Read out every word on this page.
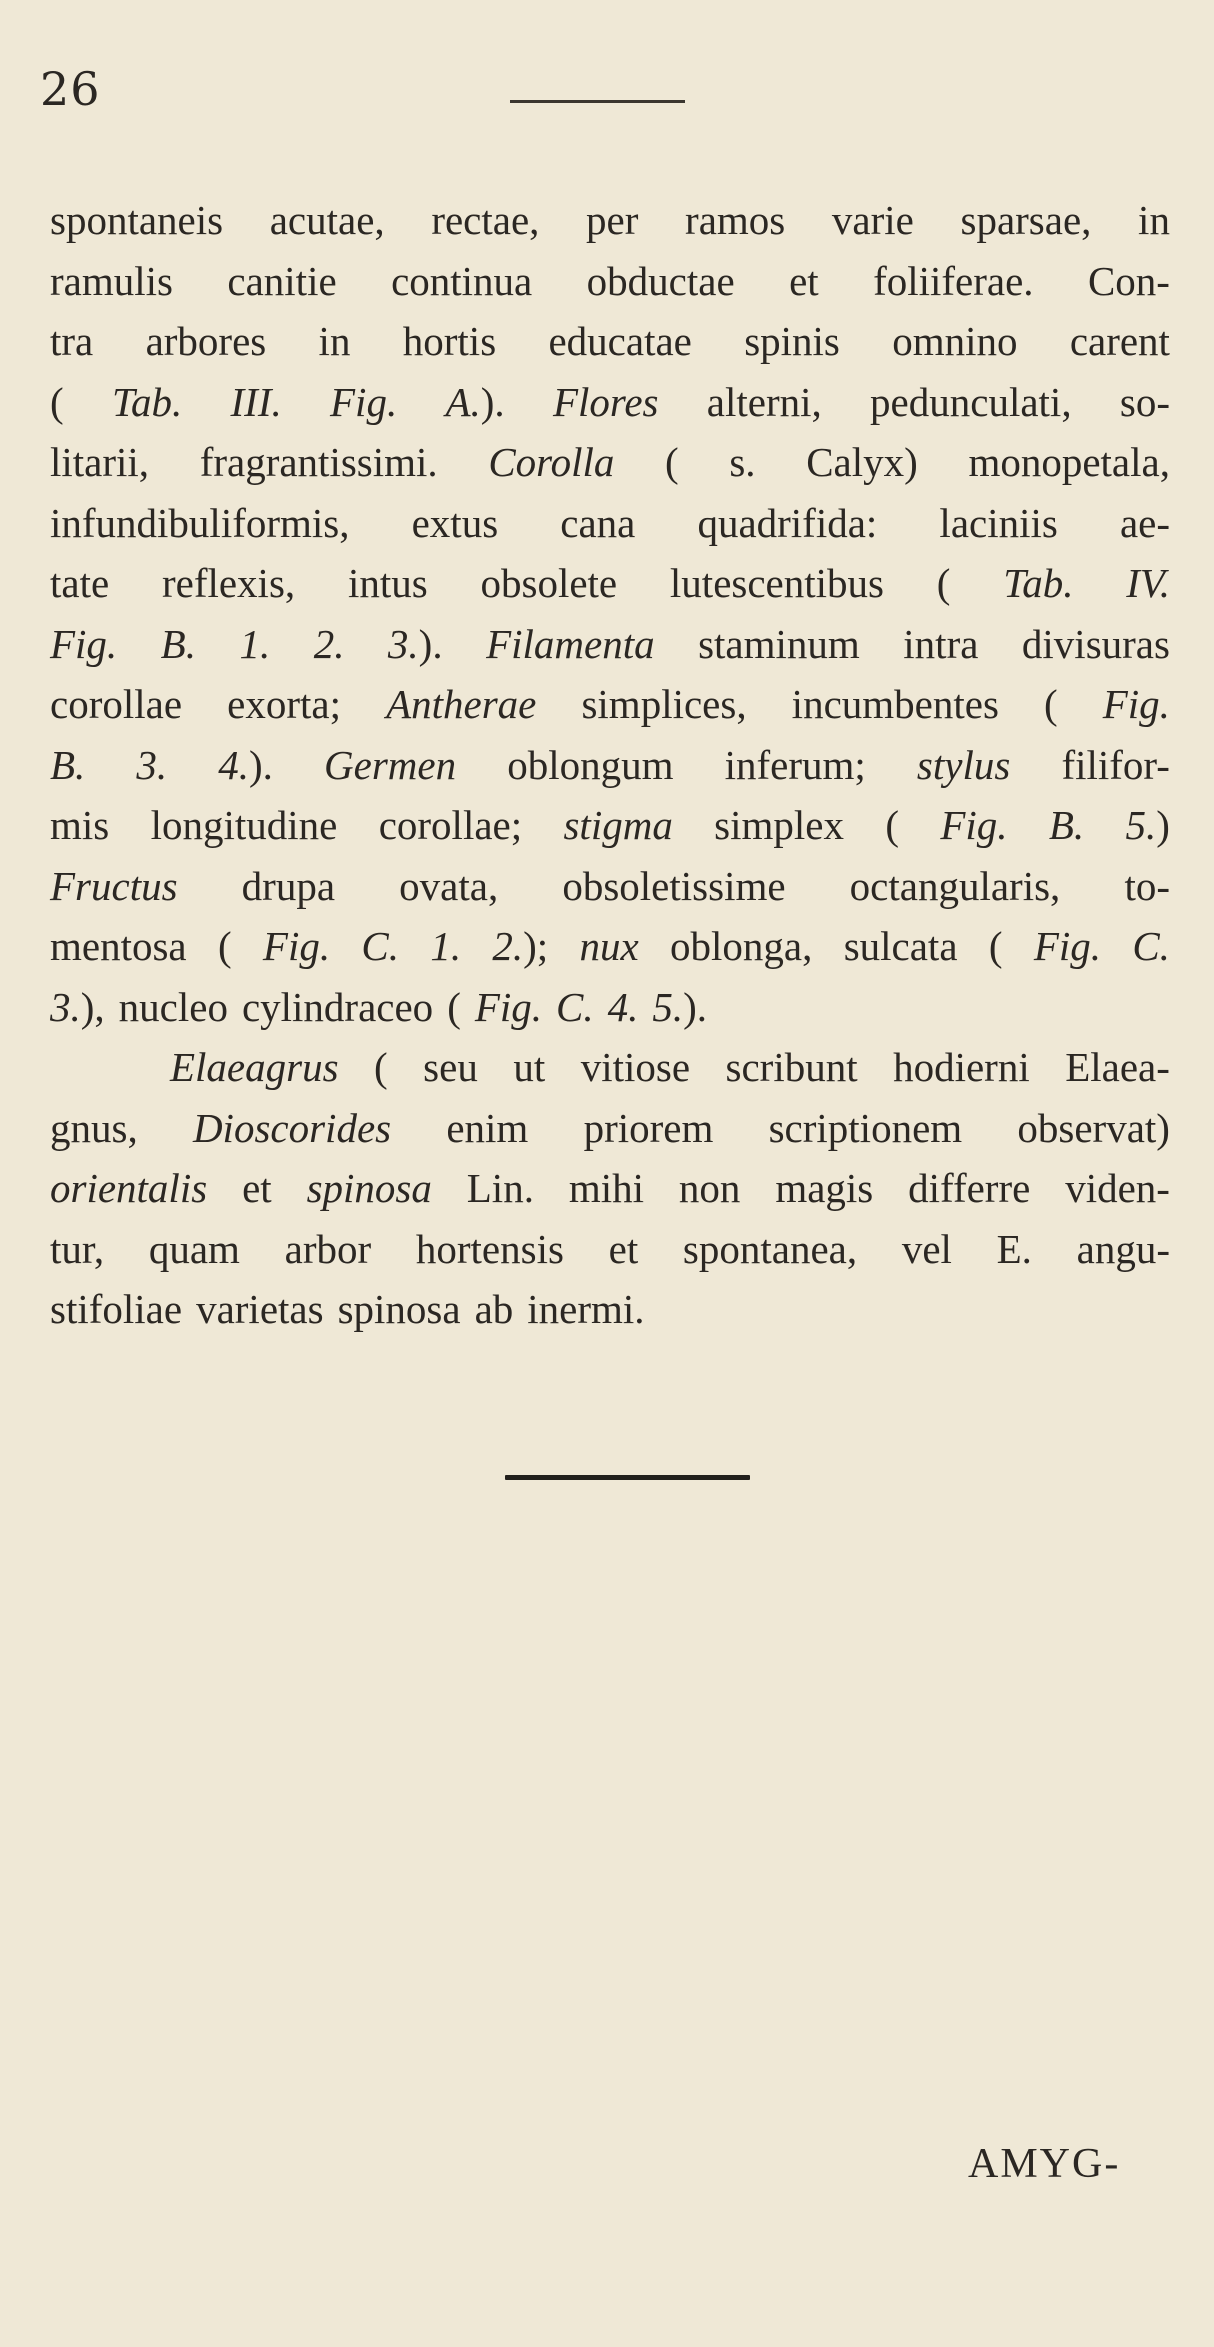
26
spontaneis acutae, rectae, per ramos varie sparsae, in
ramulis canitie continua obductae et foliiferae. Con-
tra arbores in hortis educatae spinis omnino carent
( Tab. III. Fig. A.). Flores alterni, pedunculati, so-
litarii, fragrantissimi. Corolla ( s. Calyx) monopetala,
infundibuliformis, extus cana quadrifida: laciniis ae-
tate reflexis, intus obsolete lutescentibus ( Tab. IV.
Fig. B. 1. 2. 3.). Filamenta staminum intra divisuras
corollae exorta; Antherae simplices, incumbentes ( Fig.
B. 3. 4.). Germen oblongum inferum; stylus filifor-
mis longitudine corollae; stigma simplex ( Fig. B. 5.)
Fructus drupa ovata, obsoletissime octangularis, to-
mentosa ( Fig. C. 1. 2.); nux oblonga, sulcata ( Fig. C.
3.), nucleo cylindraceo ( Fig. C. 4. 5.).
Elaeagrus ( seu ut vitiose scribunt hodierni Elaea-
gnus, Dioscorides enim priorem scriptionem observat)
orientalis et spinosa Lin. mihi non magis differre viden-
tur, quam arbor hortensis et spontanea, vel E. angu-
stifoliae varietas spinosa ab inermi.
AMYG-
